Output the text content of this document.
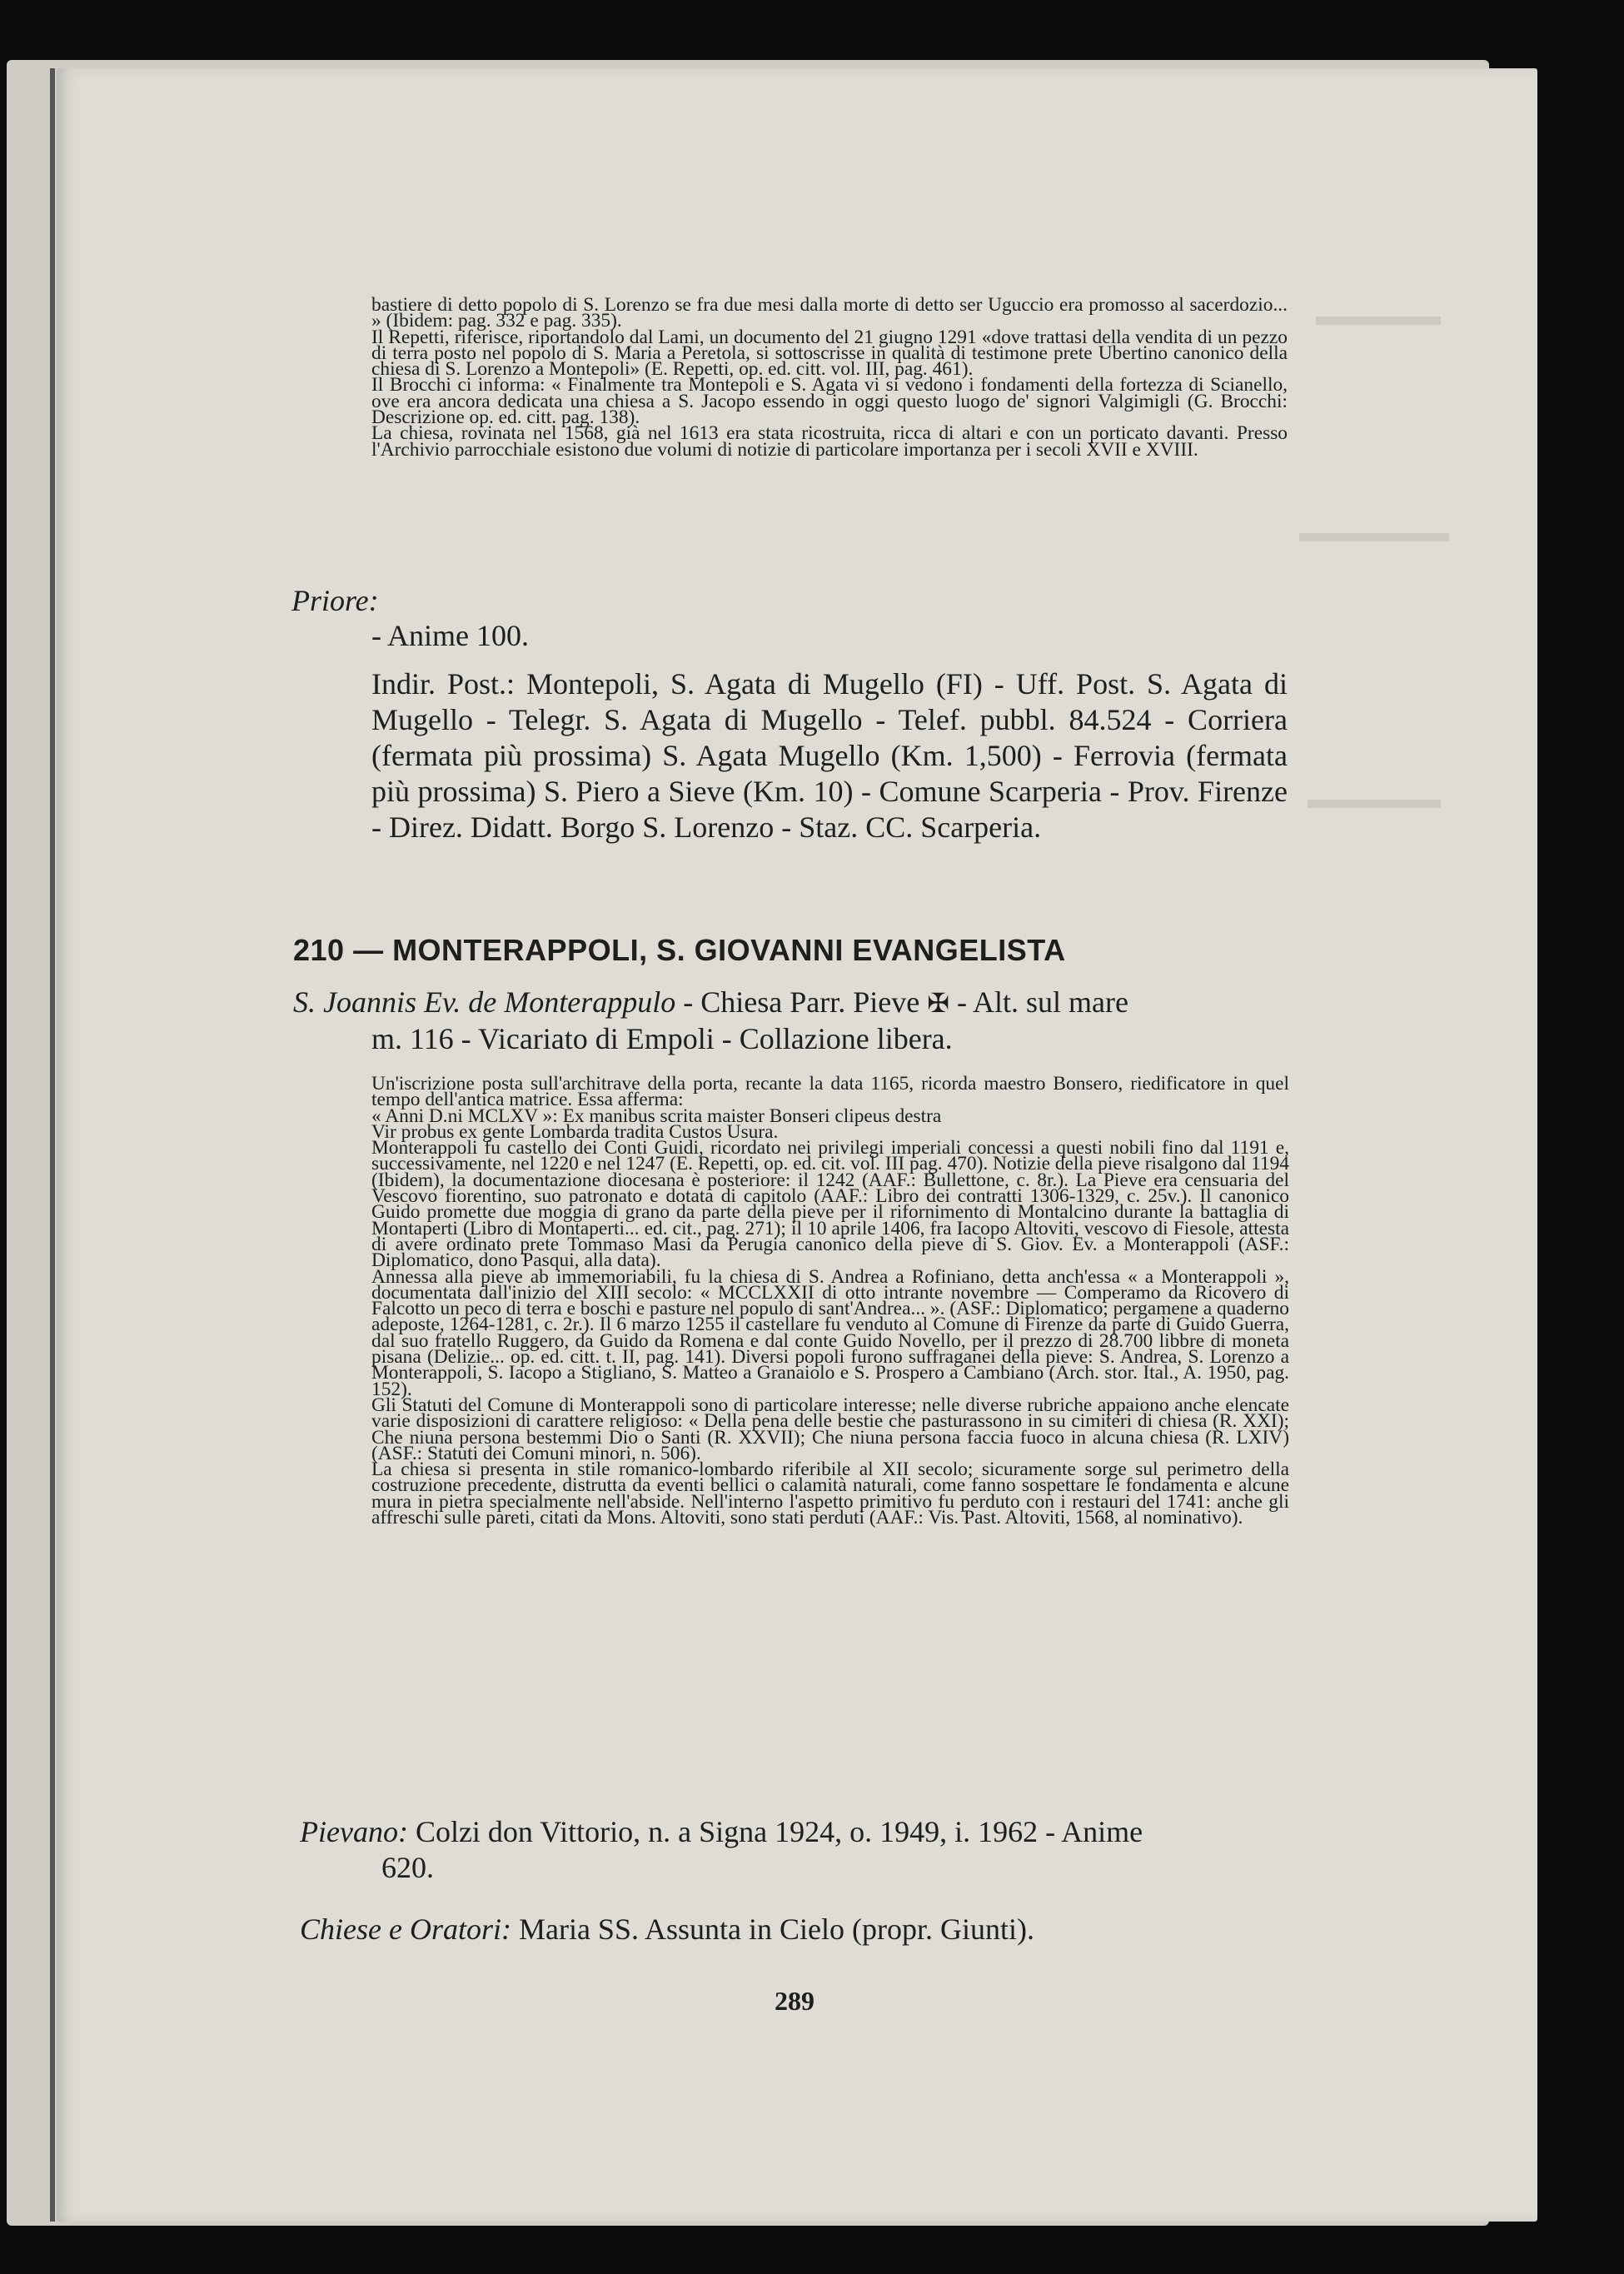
bastiere di detto popolo di S. Lorenzo se fra due mesi dalla morte di detto ser Uguccio era promosso al sacerdozio... » (Ibidem: pag. 332 e pag. 335).

Il Repetti, riferisce, riportandolo dal Lami, un documento del 21 giugno 1291 «dove trattasi della vendita di un pezzo di terra posto nel popolo di S. Maria a Peretola, si sottoscrisse in qualità di testimone prete Ubertino canonico della chiesa di S. Lorenzo a Montepoli» (E. Repetti, op. ed. citt. vol. III, pag. 461).

Il Brocchi ci informa: « Finalmente tra Montepoli e S. Agata vi si vedono i fondamenti della fortezza di Scianello, ove era ancora dedicata una chiesa a S. Jacopo essendo in oggi questo luogo de' signori Valgimigli (G. Brocchi: Descrizione op. ed. citt. pag. 138).

La chiesa, rovinata nel 1568, già nel 1613 era stata ricostruita, ricca di altari e con un porticato davanti. Presso l'Archivio parrocchiale esistono due volumi di notizie di particolare importanza per i secoli XVII e XVIII.

Priore:
- Anime 100.
Indir. Post.: Montepoli, S. Agata di Mugello (FI) - Uff. Post. S. Agata di Mugello - Telegr. S. Agata di Mugello - Telef. pubbl. 84.524 - Corriera (fermata più prossima) S. Agata Mugello (Km. 1,500) - Ferrovia (fermata più prossima) S. Piero a Sieve (Km. 10) - Comune Scarperia - Prov. Firenze - Direz. Didatt. Borgo S. Lorenzo - Staz. CC. Scarperia.
210 — MONTERAPPOLI, S. GIOVANNI EVANGELISTA
S. Joannis Ev. de Monterappulo - Chiesa Parr. Pieve ✠ - Alt. sul mare
m. 116 - Vicariato di Empoli - Collazione libera.

Un'iscrizione posta sull'architrave della porta, recante la data 1165, ricorda maestro Bonsero, riedificatore in quel tempo dell'antica matrice. Essa afferma:

« Anni D.ni MCLXV »: Ex manibus scrita maister Bonseri clipeus destra

Vir probus ex gente Lombarda tradita Custos Usura.

Monterappoli fu castello dei Conti Guidi, ricordato nei privilegi imperiali concessi a questi nobili fino dal 1191 e, successivamente, nel 1220 e nel 1247 (E. Repetti, op. ed. cit. vol. III pag. 470). Notizie della pieve risalgono dal 1194 (Ibidem), la documentazione diocesana è posteriore: il 1242 (AAF.: Bullettone, c. 8r.). La Pieve era censuaria del Vescovo fiorentino, suo patronato e dotata di capitolo (AAF.: Libro dei contratti 1306-1329, c. 25v.). Il canonico Guido promette due moggia di grano da parte della pieve per il rifornimento di Montalcino durante la battaglia di Montaperti (Libro di Montaperti... ed. cit., pag. 271); il 10 aprile 1406, fra Iacopo Altoviti, vescovo di Fiesole, attesta di avere ordinato prete Tommaso Masi da Perugia canonico della pieve di S. Giov. Ev. a Monterappoli (ASF.: Diplomatico, dono Pasqui, alla data).

Annessa alla pieve ab immemoriabili, fu la chiesa di S. Andrea a Rofiniano, detta anch'essa « a Monterappoli », documentata dall'inizio del XIII secolo: « MCCLXXII di otto intrante novembre — Comperamo da Ricovero di Falcotto un peco di terra e boschi e pasture nel populo di sant'Andrea... ». (ASF.: Diplomatico; pergamene a quaderno adeposte, 1264-1281, c. 2r.). Il 6 marzo 1255 il castellare fu venduto al Comune di Firenze da parte di Guido Guerra, dal suo fratello Ruggero, da Guido da Romena e dal conte Guido Novello, per il prezzo di 28.700 libbre di moneta pisana (Delizie... op. ed. citt. t. II, pag. 141). Diversi popoli furono suffraganei della pieve: S. Andrea, S. Lorenzo a Monterappoli, S. Iacopo a Stigliano, S. Matteo a Granaiolo e S. Prospero a Cambiano (Arch. stor. Ital., A. 1950, pag. 152).

Gli Statuti del Comune di Monterappoli sono di particolare interesse; nelle diverse rubriche appaiono anche elencate varie disposizioni di carattere religioso: « Della pena delle bestie che pasturassono in su cimiteri di chiesa (R. XXI); Che niuna persona bestemmi Dio o Santi (R. XXVII); Che niuna persona faccia fuoco in alcuna chiesa (R. LXIV) (ASF.: Statuti dei Comuni minori, n. 506).

La chiesa si presenta in stile romanico-lombardo riferibile al XII secolo; sicuramente sorge sul perimetro della costruzione precedente, distrutta da eventi bellici o calamità naturali, come fanno sospettare le fondamenta e alcune mura in pietra specialmente nell'abside. Nell'interno l'aspetto primitivo fu perduto con i restauri del 1741: anche gli affreschi sulle pareti, citati da Mons. Altoviti, sono stati perduti (AAF.: Vis. Past. Altoviti, 1568, al nominativo).

Pievano: Colzi don Vittorio, n. a Signa 1924, o. 1949, i. 1962 - Anime
620.
Chiese e Oratori: Maria SS. Assunta in Cielo (propr. Giunti).
289
